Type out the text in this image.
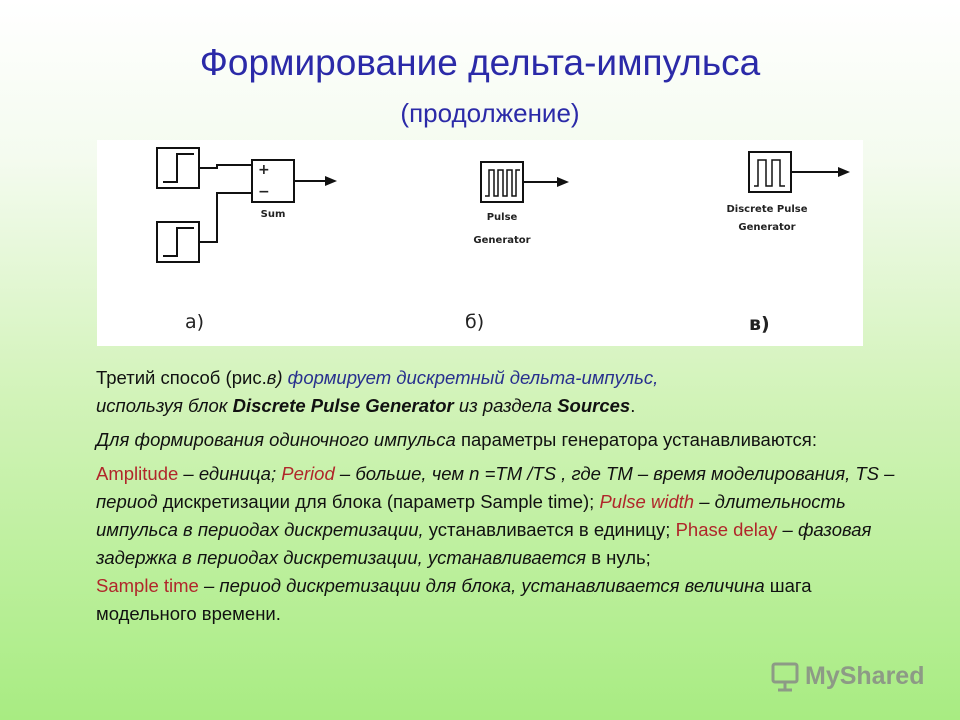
Формирование дельта-импульса
(продолжение)
+
−
Sum	Pulse
Generator
Discrete Pulse
Generator
а)	б)	в)

Третий способ (рис.в) формирует дискретный дельта-импульс,
используя блок Discrete Pulse Generator из раздела Sources.

Для формирования одиночного импульса параметры генератора устанавливаются:

Amplitude – единица; Period – больше, чем n =TM /TS , где TM – время моделирования, TS – период дискретизации для блока (параметр Sample time); Pulse width – длительность импульса в периодах дискретизации, устанавливается в единицу; Phase delay – фазовая задержка в периодах дискретизации, устанавливается в нуль;
Sample time – период дискретизации для блока, устанавливается величина шага модельного времени.

MyShared
